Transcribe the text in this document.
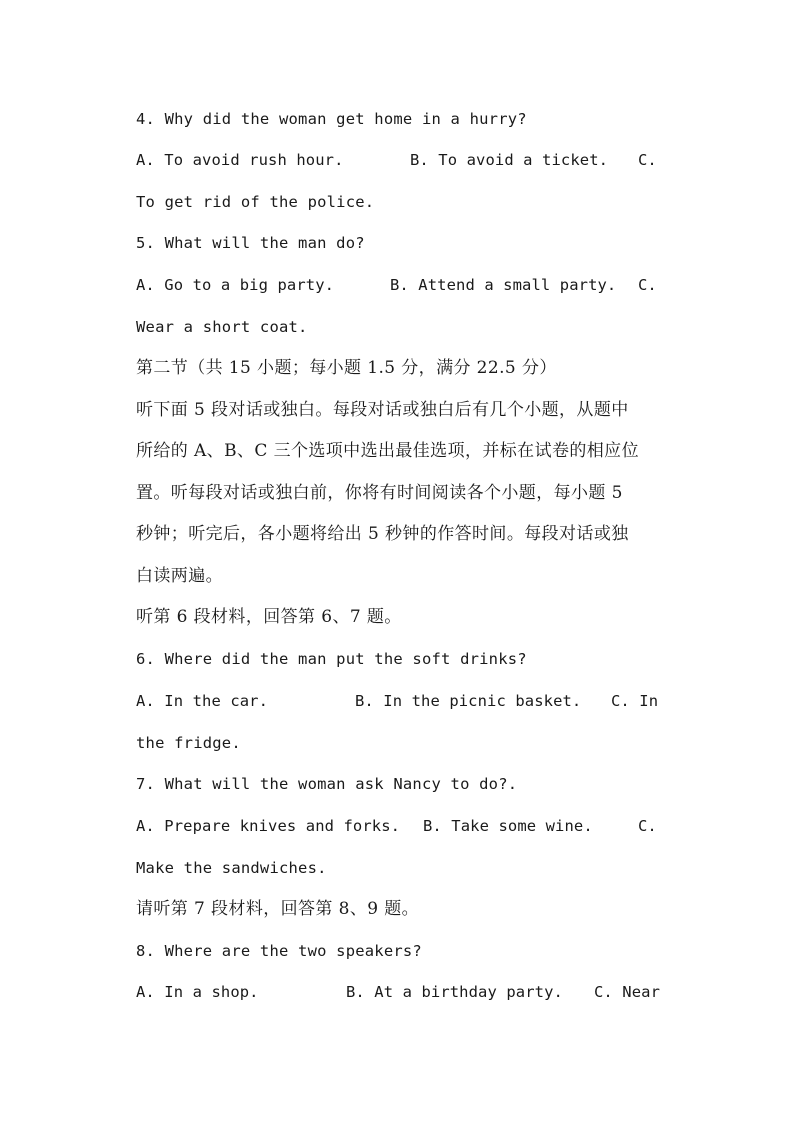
4. Why did the woman get home in a hurry?
A. To avoid rush hour.	B. To avoid a ticket. C.
To get rid of the police.
5. What will the man do?
A. Go to a big party.	B. Attend a small party. C.
Wear a short coat.
第二节（共 15 小题；每小题 1.5 分，满分 22.5 分）
听下面 5 段对话或独白。每段对话或独白后有几个小题，从题中
所给的 A、B、C 三个选项中选出最佳选项，并标在试卷的相应位
置。听每段对话或独白前，你将有时间阅读各个小题，每小题 5
秒钟；听完后，各小题将给出 5 秒钟的作答时间。每段对话或独
白读两遍。
听第 6 段材料，回答第 6、7 题。
6. Where did the man put the soft drinks?
A. In the car.	B. In the picnic basket. C. In
the fridge.
7. What will the woman ask Nancy to do?.
A. Prepare knives and forks. B. Take some wine.	C.
Make the sandwiches.
请听第 7 段材料，回答第 8、9 题。
8. Where are the two speakers?
A. In a shop.	B. At a birthday party. C. Near
